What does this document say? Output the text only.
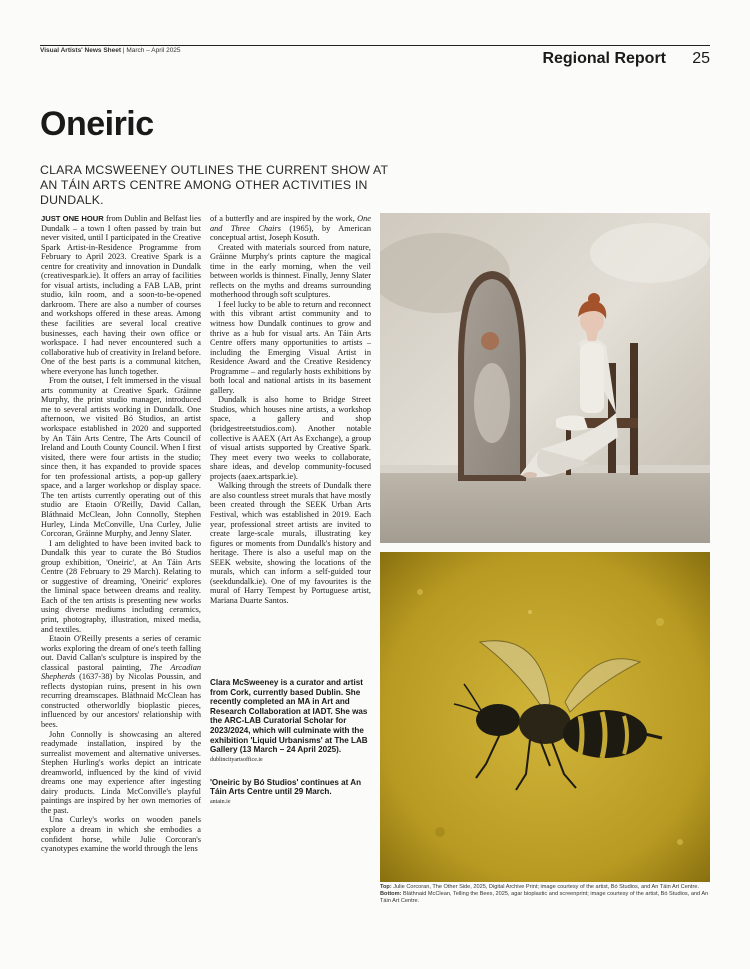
Visual Artists' News Sheet | March – April 2025	Regional Report 25
Oneiric
CLARA MCSWEENEY OUTLINES THE CURRENT SHOW AT AN TÁIN ARTS CENTRE AMONG OTHER ACTIVITIES IN DUNDALK.

JUST ONE HOUR from Dublin and Belfast lies Dundalk – a town I often passed by train but never visited, until I participated in the Creative Spark Artist-in-Residence Programme from February to April 2023. Creative Spark is a centre for creativity and innovation in Dundalk (creativespark.ie). It offers an array of facilities for visual artists, including a FAB LAB, print studio, kiln room, and a soon-to-be-opened darkroom. There are also a number of courses and workshops offered in these areas. Among these facilities are several local creative businesses, each having their own office or workspace. I had never encountered such a collaborative hub of creativity in Ireland before. One of the best parts is a communal kitchen, where everyone has lunch together.

From the outset, I felt immersed in the visual arts community at Creative Spark. Gráinne Murphy, the print studio manager, introduced me to several artists working in Dundalk. One afternoon, we visited Bó Studios, an artist workspace established in 2020 and supported by An Táin Arts Centre, The Arts Council of Ireland and Louth County Council. When I first visited, there were four artists in the studio; since then, it has expanded to provide spaces for ten professional artists, a pop-up gallery space, and a larger workshop or display space. The ten artists currently operating out of this studio are Etaoin O'Reilly, David Callan, Bláthnaid McClean, John Connolly, Stephen Hurley, Linda McConville, Una Curley, Julie Corcoran, Gráinne Murphy, and Jenny Slater.

I am delighted to have been invited back to Dundalk this year to curate the Bó Studios group exhibition, 'Oneiric', at An Táin Arts Centre (28 February to 29 March). Relating to or suggestive of dreaming, 'Oneiric' explores the liminal space between dreams and reality. Each of the ten artists is presenting new works using diverse mediums including ceramics, print, photography, illustration, mixed media, and textiles.

Etaoin O'Reilly presents a series of ceramic works exploring the dream of one's teeth falling out. David Callan's sculpture is inspired by the classical pastoral painting, The Arcadian Shepherds (1637-38) by Nicolas Poussin, and reflects dystopian ruins, present in his own recurring dreamscapes. Bláthnaid McClean has constructed otherworldly bioplastic pieces, influenced by our ancestors' relationship with bees.

John Connolly is showcasing an altered readymade installation, inspired by the surrealist movement and alternative universes. Stephen Hurling's works depict an intricate dreamworld, influenced by the kind of vivid dreams one may experience after ingesting dairy products. Linda McConville's playful paintings are inspired by her own memories of the past.

Una Curley's works on wooden panels explore a dream in which she embodies a confident horse, while Julie Corcoran's cyanotypes examine the world through the lens

of a butterfly and are inspired by the work, One and Three Chairs (1965), by American conceptual artist, Joseph Kosuth.

Created with materials sourced from nature, Gráinne Murphy's prints capture the magical time in the early morning, when the veil between worlds is thinnest. Finally, Jenny Slater reflects on the myths and dreams surrounding motherhood through soft sculptures.

I feel lucky to be able to return and reconnect with this vibrant artist community and to witness how Dundalk continues to grow and thrive as a hub for visual arts. An Táin Arts Centre offers many opportunities to artists – including the Emerging Visual Artist in Residence Award and the Creative Residency Programme – and regularly hosts exhibitions by both local and national artists in its basement gallery.

Dundalk is also home to Bridge Street Studios, which houses nine artists, a workshop space, a gallery and shop (bridgestreetstudios.com). Another notable collective is AAEX (Art As Exchange), a group of visual artists supported by Creative Spark. They meet every two weeks to collaborate, share ideas, and develop community-focused projects (aaex.artspark.ie).

Walking through the streets of Dundalk there are also countless street murals that have mostly been created through the SEEK Urban Arts Festival, which was established in 2019. Each year, professional street artists are invited to create large-scale murals, illustrating key figures or moments from Dundalk's history and heritage. There is also a useful map on the SEEK website, showing the locations of the murals, which can inform a self-guided tour (seekdundalk.ie). One of my favourites is the mural of Harry Tempest by Portuguese artist, Mariana Duarte Santos.

Clara McSweeney is a curator and artist from Cork, currently based Dublin. She recently completed an MA in Art and Research Collaboration at IADT. She was the ARC-LAB Curatorial Scholar for 2023/2024, which will culminate with the exhibition 'Liquid Urbanisms' at The LAB Gallery (13 March – 24 April 2025).

dublincityartsoffice.ie

'Oneiric by Bó Studios' continues at An Táin Arts Centre until 29 March.

antain.ie

Top: Julie Corcoran, The Other Side, 2025, Digital Archive Print; image courtesy of the artist, Bó Studios, and An Táin Art Centre. Bottom: Bláthnaid McClean, Telling the Bees, 2025, agar bioplastic and screenprint; image courtesy of the artist, Bó Studios, and An Táin Art Centre.
